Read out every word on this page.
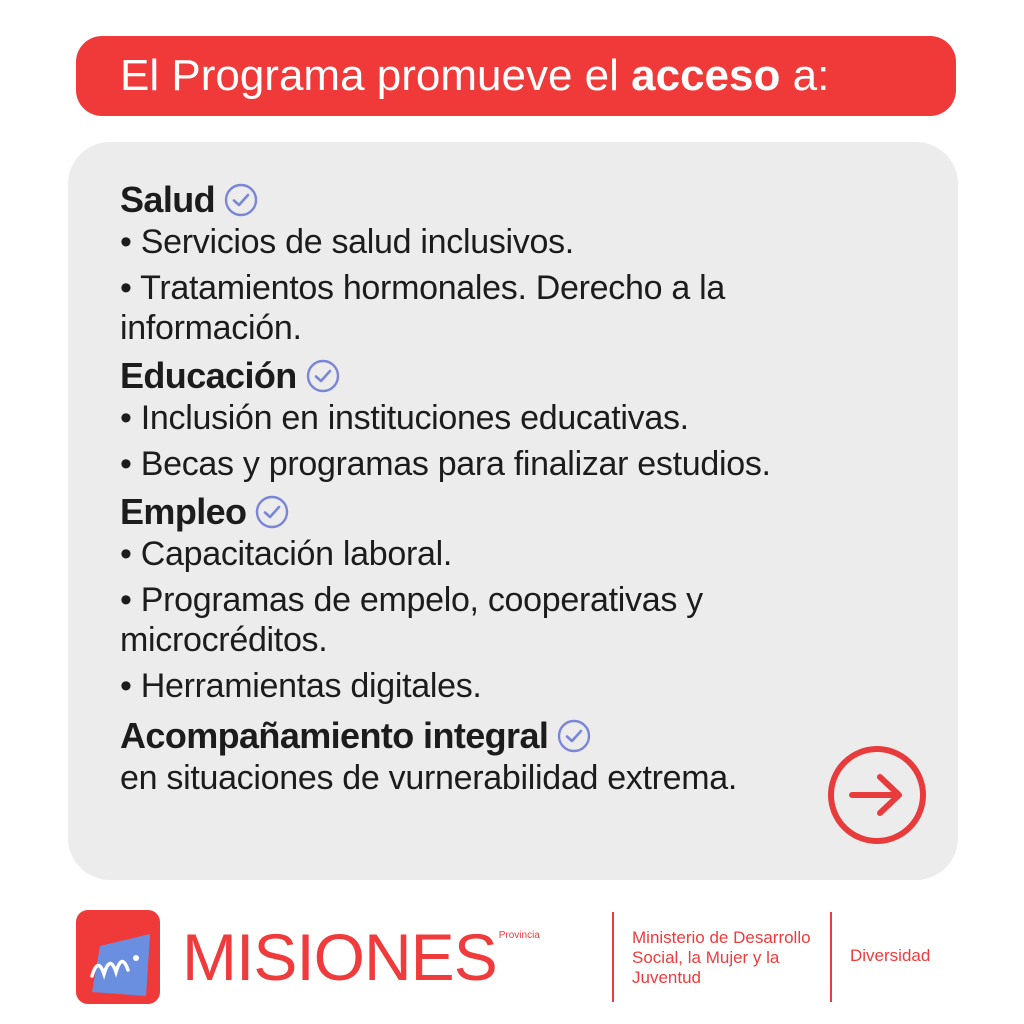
El Programa promueve el acceso a:
Salud

• Servicios de salud inclusivos.

• Tratamientos hormonales. Derecho a la información.

Educación

• Inclusión en instituciones educativas.

• Becas y programas para finalizar estudios.

Empleo

• Capacitación laboral.

• Programas de empelo, cooperativas y microcréditos.

• Herramientas digitales.

Acompañamiento integral

en situaciones de vurnerabilidad extrema.

MISIONES Provincia	Ministerio de Desarrollo Social, la Mujer y la Juventud
Diversidad
